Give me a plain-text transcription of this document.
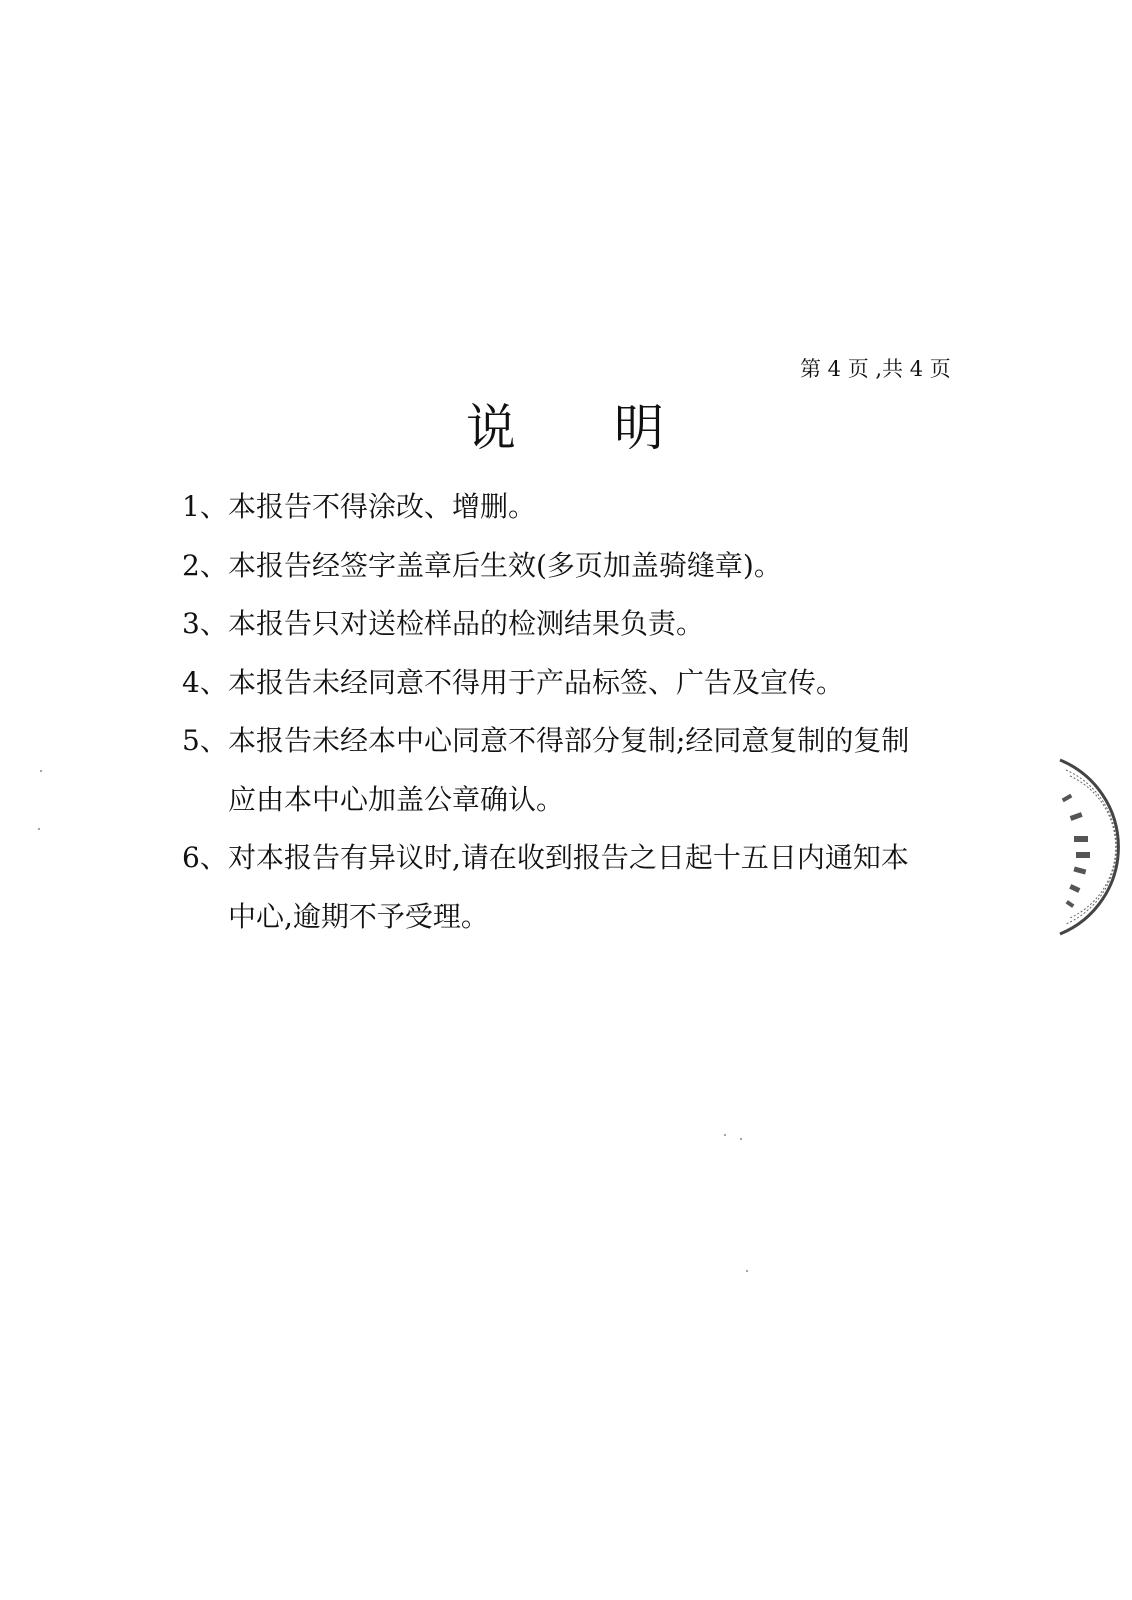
第 4 页 ,共 4 页
说 明
1、本报告不得涂改、增删。
2、本报告经签字盖章后生效(多页加盖骑缝章)。
3、本报告只对送检样品的检测结果负责。
4、本报告未经同意不得用于产品标签、广告及宣传。
5、本报告未经本中心同意不得部分复制;经同意复制的复制
应由本中心加盖公章确认。
6、对本报告有异议时,请在收到报告之日起十五日内通知本
中心,逾期不予受理。
